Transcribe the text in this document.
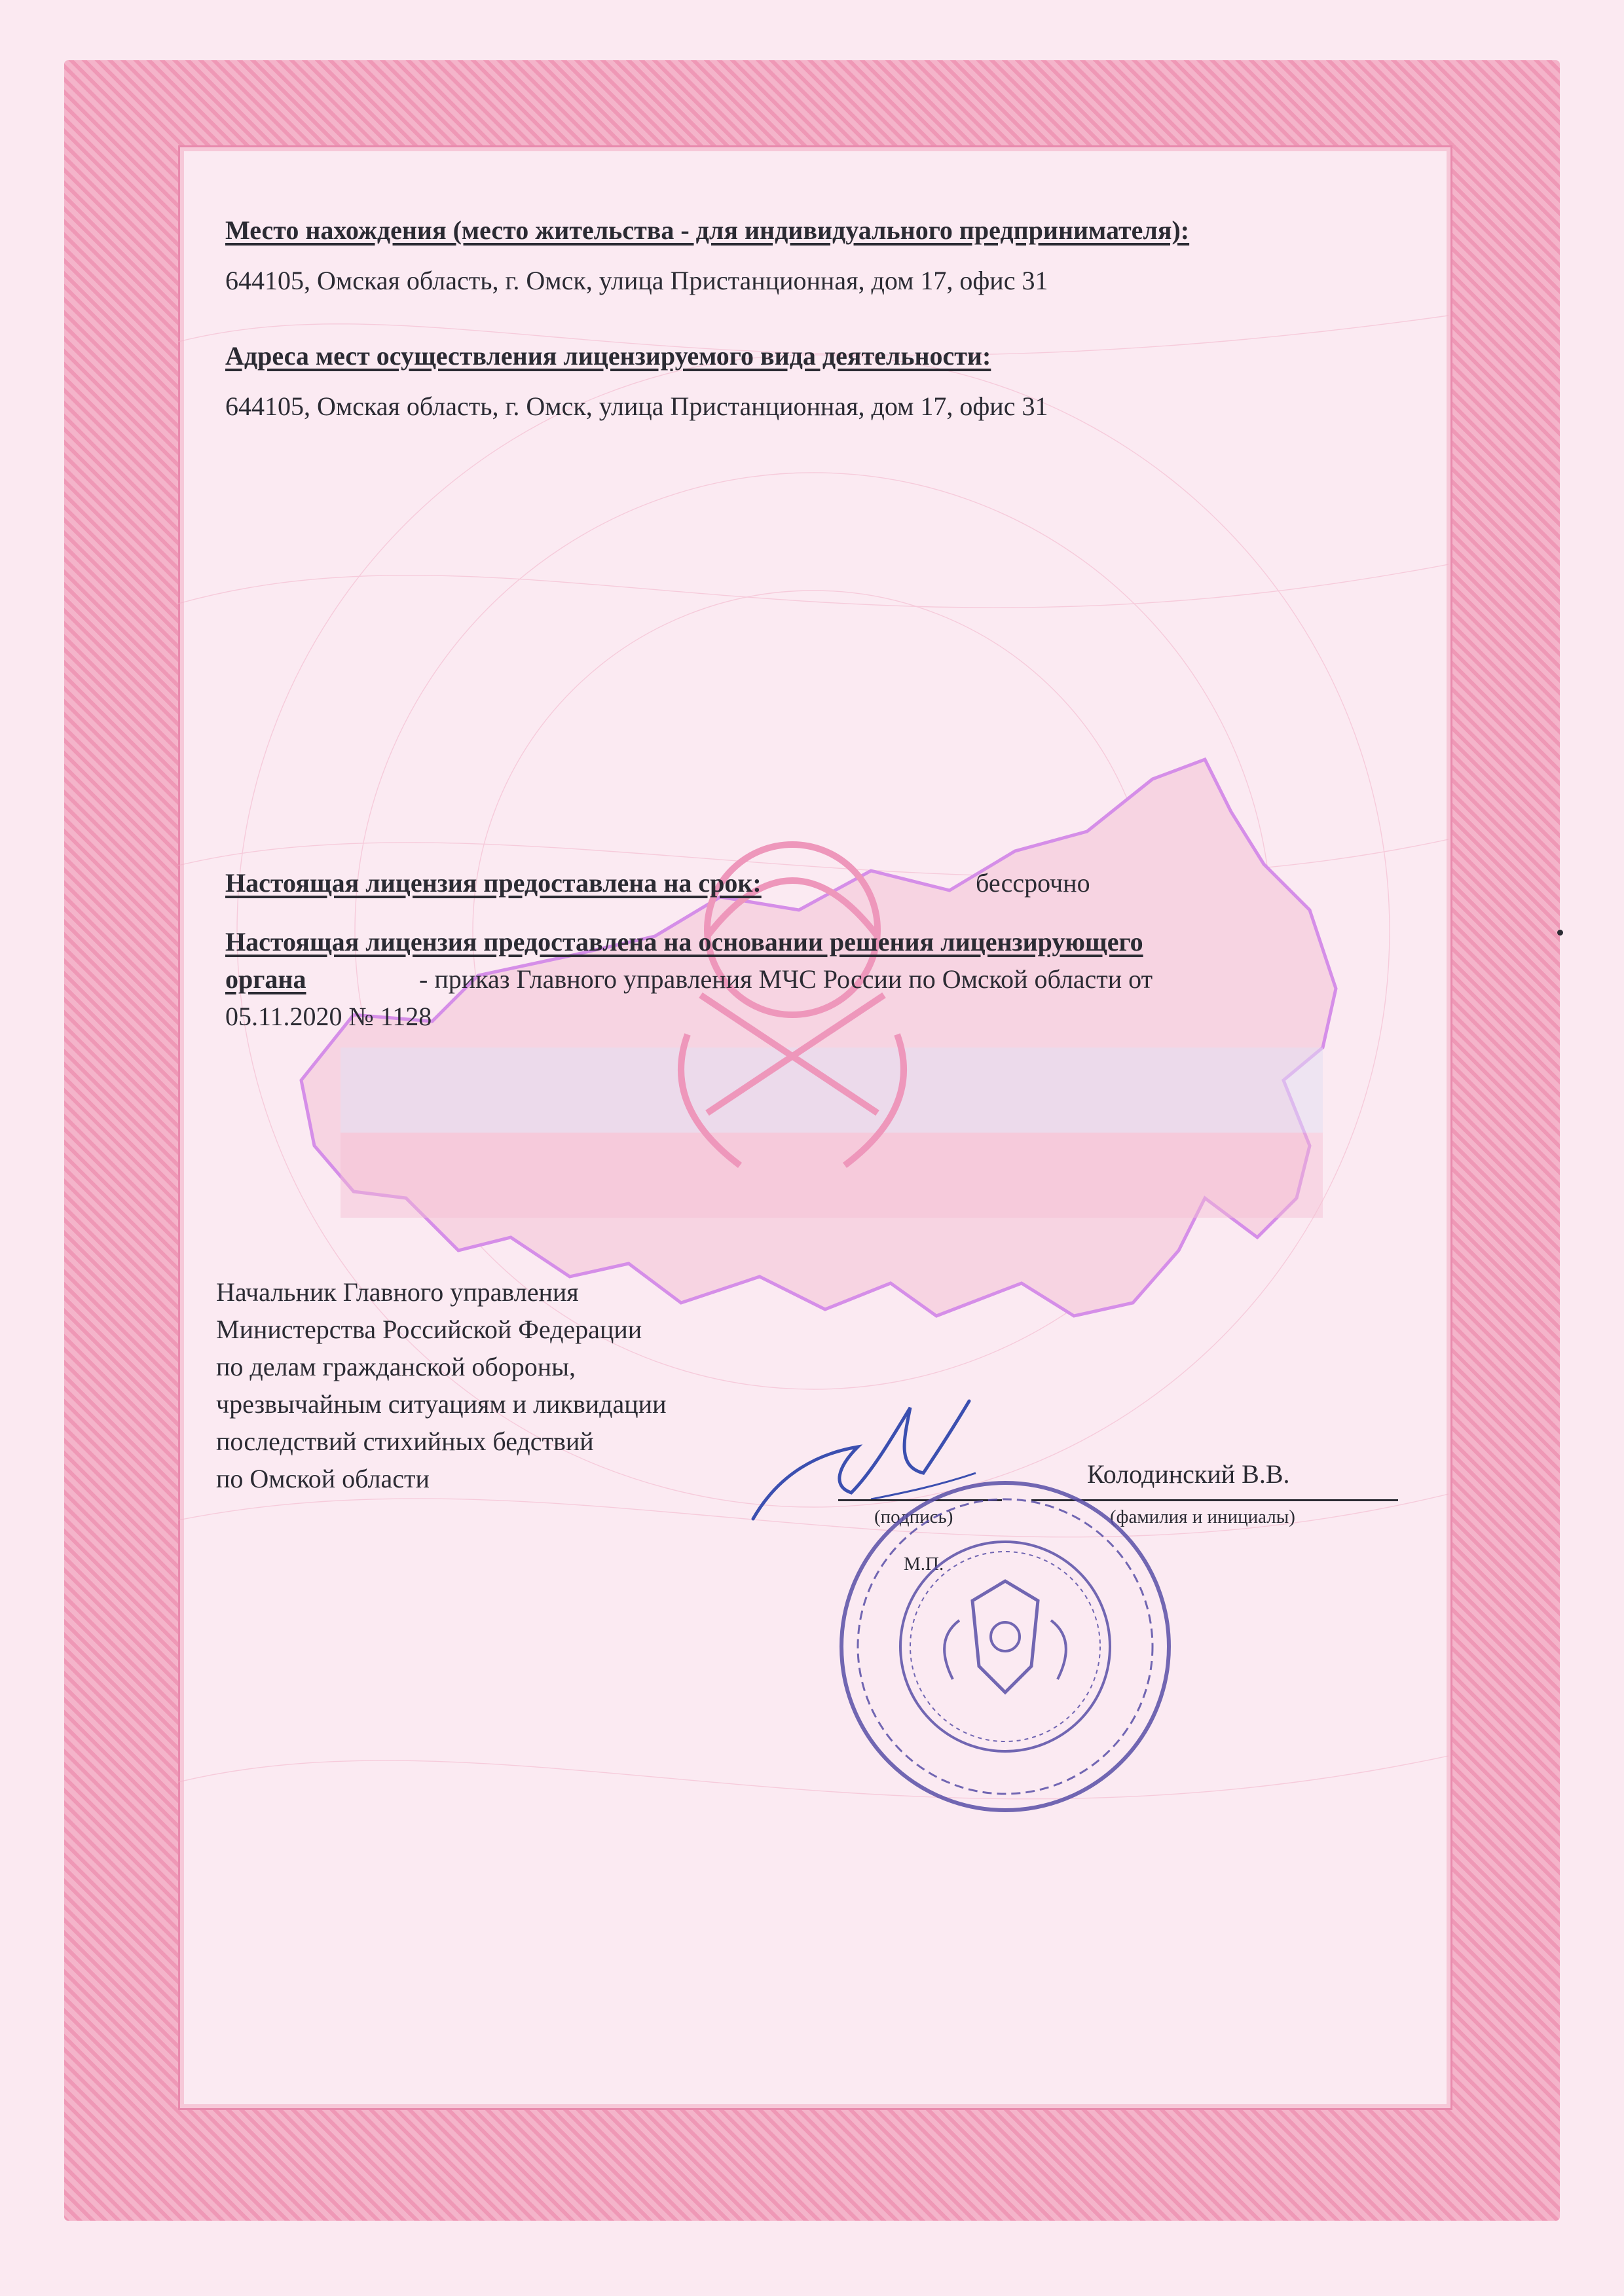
Место нахождения (место жительства - для индивидуального предпринимателя):
644105, Омская область, г. Омск, улица Пристанционная, дом 17, офис 31
Адреса мест осуществления лицензируемого вида деятельности:
644105, Омская область, г. Омск, улица Пристанционная, дом 17, офис 31
Настоящая лицензия предоставлена на срок:	бессрочно
Настоящая лицензия предоставлена на основании решения лицензирующего
органа	- приказ Главного управления МЧС России по Омской области от
05.11.2020 № 1128
Начальник Главного управления
Министерства Российской Федерации
по делам гражданской обороны,
чрезвычайным ситуациям и ликвидации
последствий стихийных бедствий
по Омской области	Колодинский В.В.
(подпись)	(фамилия и инициалы)
М.П.
